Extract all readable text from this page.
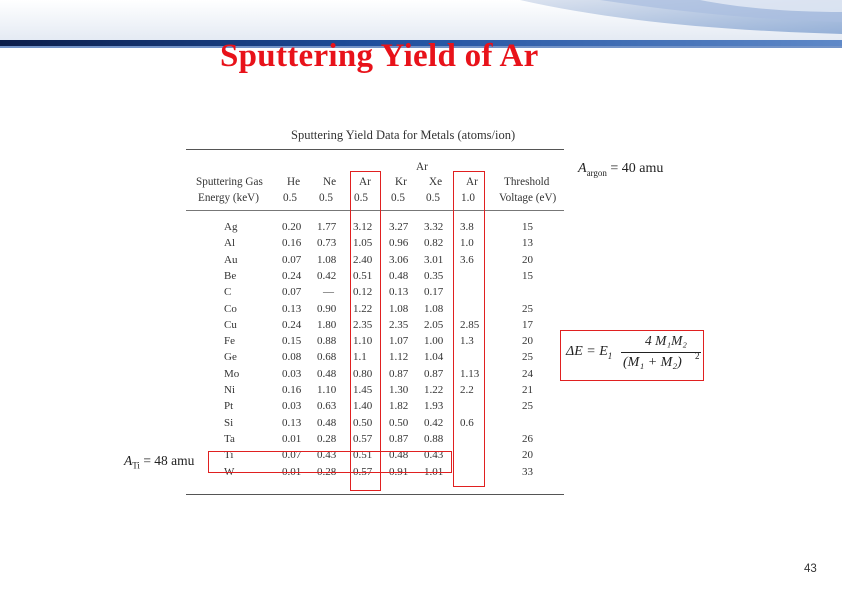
Sputtering Yield of Ar
Sputtering Yield Data for Metals (atoms/ion)
Ar
Sputtering Gas He Ne Ar Kr Xe Ar Threshold
Energy (keV) 0.5 0.5 0.5 0.5 0.5 1.0 Voltage (eV)
Ag	0.20 1.77 3.12 3.27 3.32 3.8	15
Al	0.16 0.73 1.05 0.96 0.82 1.0	13
Au	0.07 1.08 2.40 3.06 3.01 3.6	20
Be	0.24 0.42 0.51 0.48 0.35	15
C	0.07 — 0.12 0.13 0.17
Co	0.13 0.90 1.22 1.08 1.08	25
Cu	0.24 1.80 2.35 2.35 2.05 2.85	17
Fe	0.15 0.88 1.10 1.07 1.00 1.3	20
Ge	0.08 0.68 1.1 1.12 1.04	25
Mo	0.03 0.48 0.80 0.87 0.87 1.13	24
Ni	0.16 1.10 1.45 1.30 1.22 2.2	21
Pt	0.03 0.63 1.40 1.82 1.93	25
Si	0.13 0.48 0.50 0.50 0.42 0.6
Ta	0.01 0.28 0.57 0.87 0.88	26
Ti	0.07 0.43 0.51 0.48 0.43	20
W	0.01 0.28 0.57 0.91 1.01	33
$A_{argon} = 40$ amu
$A_{Ti} = 48$ amu
$\Delta E = E_1$
4 M₁M₂
(M₁ + M₂) 2
43
